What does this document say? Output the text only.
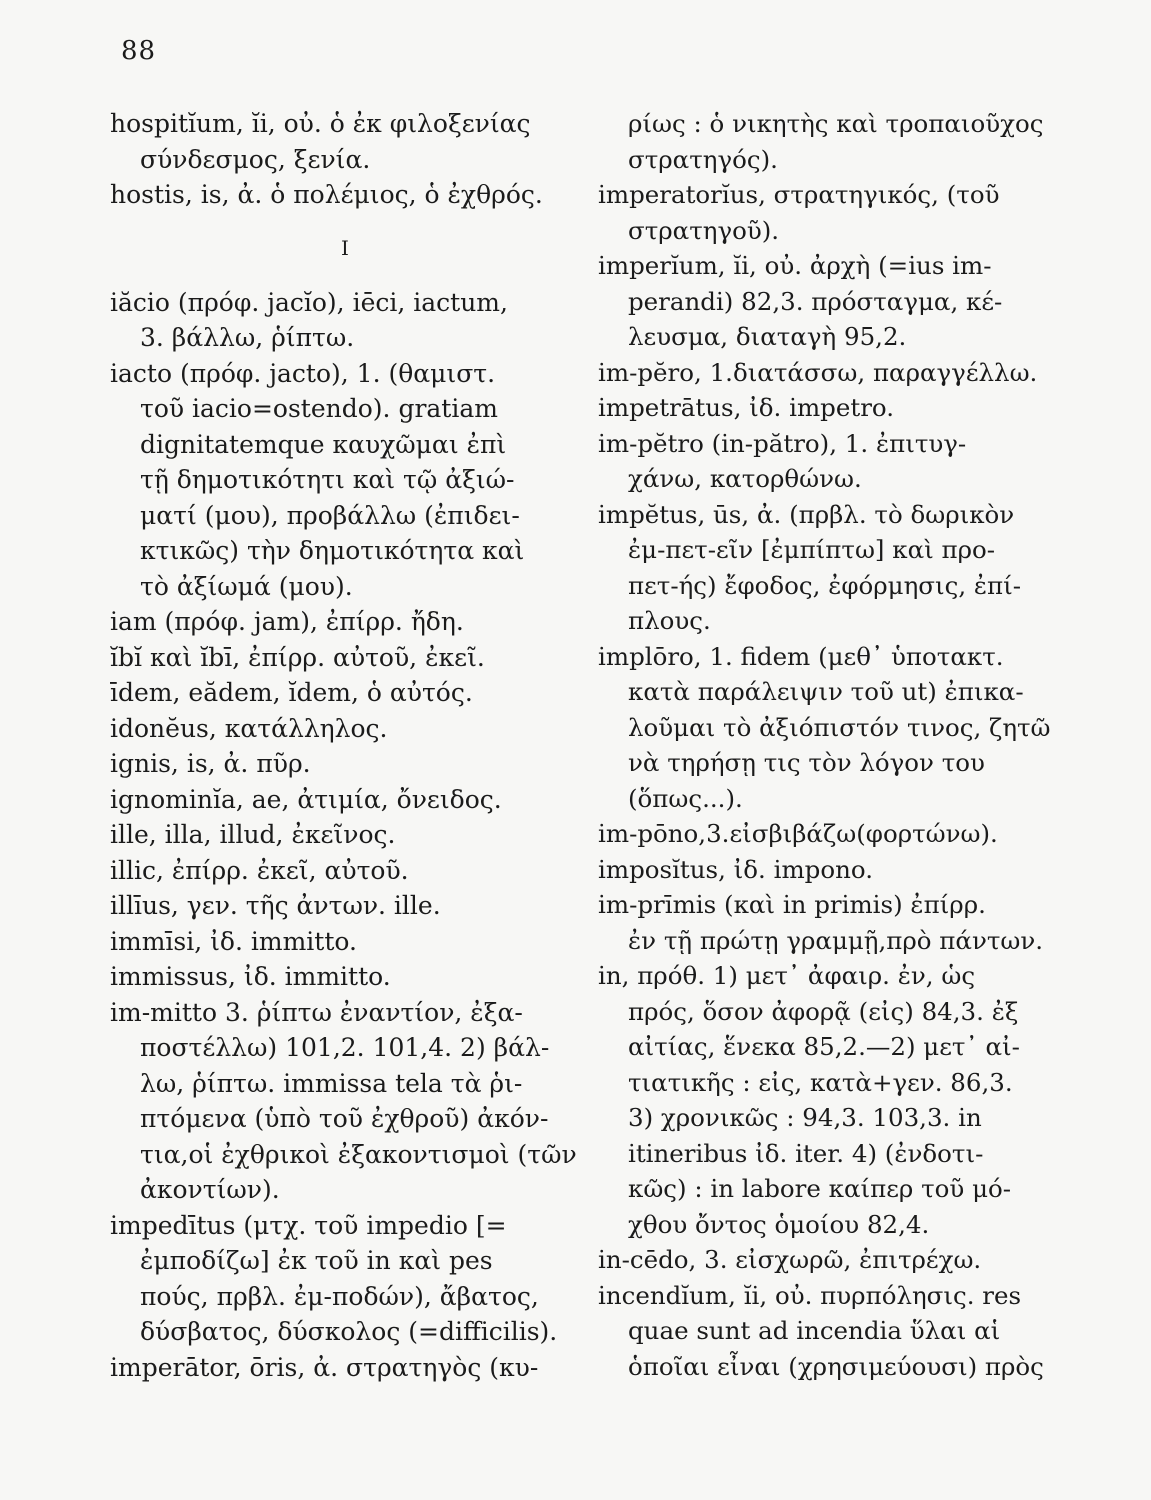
88
hospitĭum, ĭi, οὐ. ὁ ἐκ φιλοξενίας
σύνδεσμος, ξενία.
hostis, is, ἀ. ὁ πολέμιος, ὁ ἐχθρός.
I
iăcio (πρόφ. jacĭo), iēci, iactum,
3. βάλλω, ῥίπτω.
iacto (πρόφ. jacto), 1. (θαμιστ.
τοῦ iacio=ostendo). gratiam
dignitatemque καυχῶμαι ἐπὶ
τῇ δημοτικότητι καὶ τῷ ἀξιώ-
ματί (μου), προβάλλω (ἐπιδει-
κτικῶς) τὴν δημοτικότητα καὶ
τὸ ἀξίωμά (μου).
iam (πρόφ. jam), ἐπίρρ. ἤδη.
ĭbĭ καὶ ĭbī, ἐπίρρ. αὐτοῦ, ἐκεῖ.
īdem, eădem, ĭdem, ὁ αὐτός.
idonĕus, κατάλληλος.
ignis, is, ἀ. πῦρ.
ignominĭa, ae, ἀτιμία, ὄνειδος.
ille, illa, illud, ἐκεῖνος.
illic, ἐπίρρ. ἐκεῖ, αὐτοῦ.
illīus, γεν. τῆς ἀντων. ille.
immīsi, ἰδ. immitto.
immissus, ἰδ. immitto.
im-mitto 3. ῥίπτω ἐναντίον, ἐξα-
ποστέλλω) 101,2. 101,4. 2) βάλ-
λω, ῥίπτω. immissa tela τὰ ῥι-
πτόμενα (ὑπὸ τοῦ ἐχθροῦ) ἀκόν-
τια,οἱ ἐχθρικοὶ ἐξακοντισμοὶ (τῶν
ἀκοντίων).
impedītus (μτχ. τοῦ impedio [=
ἐμποδίζω] ἐκ τοῦ in καὶ pes
πούς, πρβλ. ἐμ-ποδών), ἄβατος,
δύσβατος, δύσκολος (=difficilis).
imperātor, ōris, ἀ. στρατηγὸς (κυ-
ρίως : ὁ νικητὴς καὶ τροπαιοῦχος
στρατηγός).
imperatorĭus, στρατηγικός, (τοῦ
στρατηγοῦ).
imperĭum, ĭi, οὐ. ἀρχὴ (=ius im-
perandi) 82,3. πρόσταγμα, κέ-
λευσμα, διαταγὴ 95,2.
im-pĕro, 1.διατάσσω, παραγγέλλω.
impetrātus, ἰδ. impetro.
im-pĕtro (in-pătro), 1. ἐπιτυγ-
χάνω, κατορθώνω.
impĕtus, ūs, ἀ. (πρβλ. τὸ δωρικὸν
ἐμ-πετ-εῖν [ἐμπίπτω] καὶ προ-
πετ-ής) ἔφοδος, ἐφόρμησις, ἐπί-
πλους.
implōro, 1. fidem (μεθ᾽ ὑποτακτ.
κατὰ παράλειψιν τοῦ ut) ἐπικα-
λοῦμαι τὸ ἀξιόπιστόν τινος, ζητῶ
νὰ τηρήσῃ τις τὸν λόγον του
(ὅπως...).
im-pōno,3.εἰσβιβάζω(φορτώνω).
imposĭtus, ἰδ. impono.
im-prīmis (καὶ in primis) ἐπίρρ.
ἐν τῇ πρώτῃ γραμμῇ,πρὸ πάντων.
in, πρόθ. 1) μετ᾽ ἀφαιρ. ἐν, ὡς
πρός, ὅσον ἀφορᾷ (εἰς) 84,3. ἐξ
αἰτίας, ἕνεκα 85,2.—2) μετ᾽ αἰ-
τιατικῆς : εἰς, κατὰ+γεν. 86,3.
3) χρονικῶς : 94,3. 103,3. in
itineribus ἰδ. iter. 4) (ἐνδοτι-
κῶς) : in labore καίπερ τοῦ μό-
χθου ὄντος ὁμοίου 82,4.
in-cēdo, 3. εἰσχωρῶ, ἐπιτρέχω.
incendĭum, ĭi, οὐ. πυρπόλησις. res
quae sunt ad incendia ὕλαι αἱ
ὁποῖαι εἶναι (χρησιμεύουσι) πρὸς
